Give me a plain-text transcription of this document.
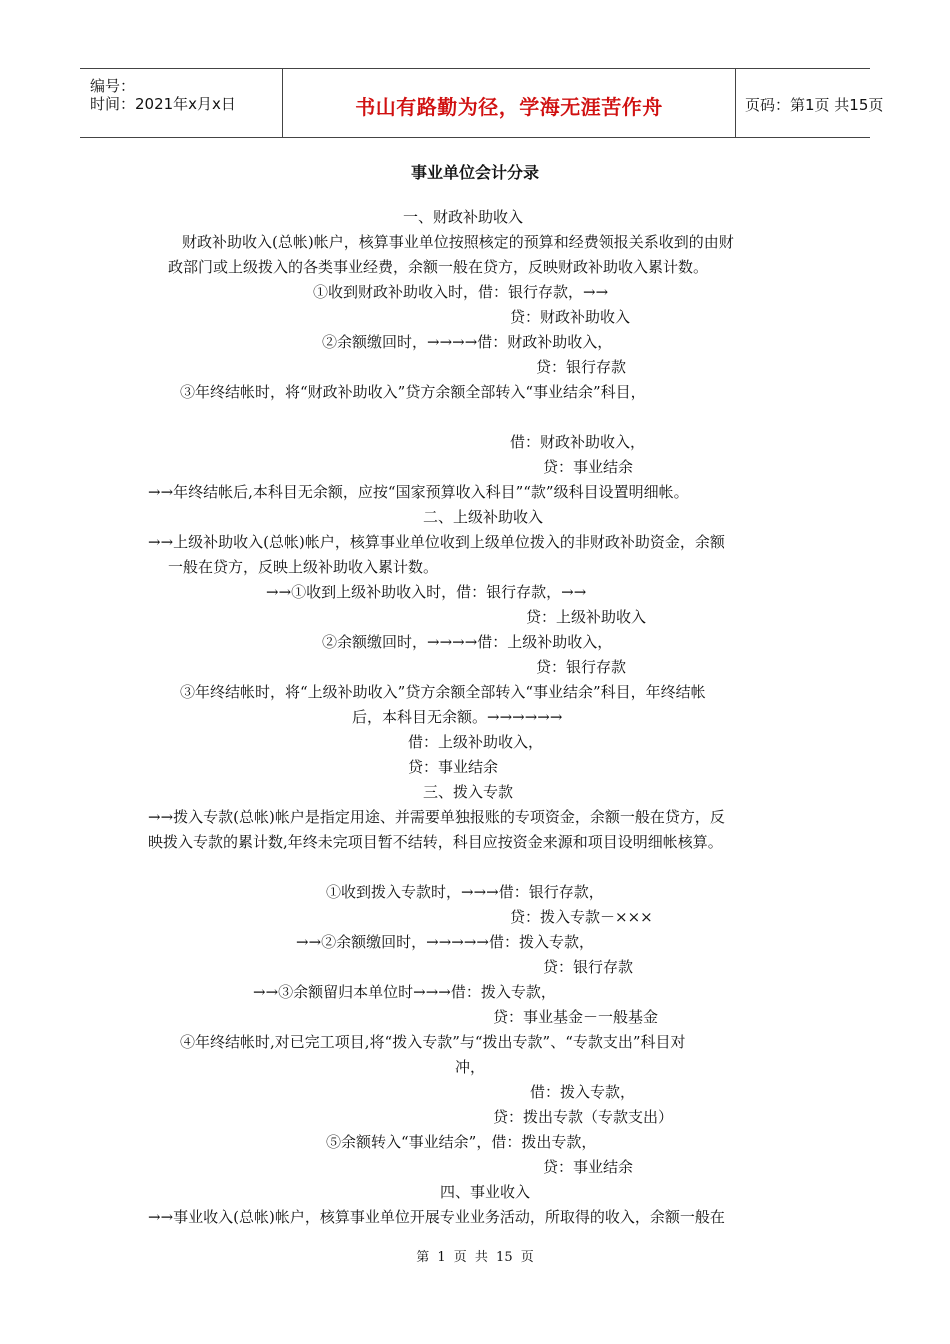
编号：
时间：2021年x月x日	书山有路勤为径，学海无涯苦作舟	页码：第1页 共15页
事业单位会计分录
一、财政补助收入
财政补助收入(总帐)帐户，核算事业单位按照核定的预算和经费领报关系收到的由财
政部门或上级拨入的各类事业经费，余额一般在贷方，反映财政补助收入累计数。
①收到财政补助收入时，借：银行存款，→→
贷：财政补助收入
②余额缴回时，→→→→借：财政补助收入，
贷：银行存款
③年终结帐时，将“财政补助收入”贷方余额全部转入“事业结余”科目，
借：财政补助收入，
贷：事业结余
→→年终结帐后,本科目无余额，应按“国家预算收入科目”“款”级科目设置明细帐。
二、上级补助收入
→→上级补助收入(总帐)帐户，核算事业单位收到上级单位拨入的非财政补助资金，余额
一般在贷方，反映上级补助收入累计数。
→→①收到上级补助收入时，借：银行存款，→→
贷：上级补助收入
②余额缴回时，→→→→借：上级补助收入，
贷：银行存款
③年终结帐时，将“上级补助收入”贷方余额全部转入“事业结余”科目，年终结帐
后，本科目无余额。→→→→→→
借：上级补助收入，
贷：事业结余
三、拨入专款
→→拨入专款(总帐)帐户是指定用途、并需要单独报账的专项资金，余额一般在贷方，反
映拨入专款的累计数,年终未完项目暂不结转，科目应按资金来源和项目设明细帐核算。
①收到拨入专款时，→→→借：银行存款，
贷：拨入专款－×××
→→②余额缴回时，→→→→→借：拨入专款，
贷：银行存款
→→③余额留归本单位时→→→借：拨入专款，
贷：事业基金－一般基金
④年终结帐时,对已完工项目,将“拨入专款”与“拨出专款”、“专款支出”科目对
冲，
借：拨入专款，
贷：拨出专款（专款支出）
⑤余额转入“事业结余”，借：拨出专款，
贷：事业结余
四、事业收入
→→事业收入(总帐)帐户，核算事业单位开展专业业务活动，所取得的收入，余额一般在
第 1 页 共 15 页
